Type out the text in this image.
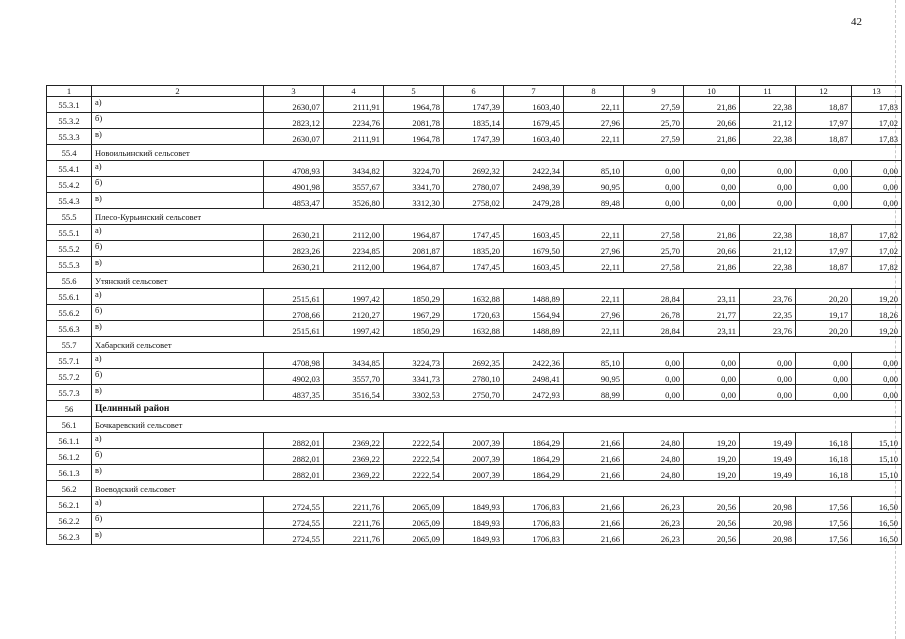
42
1	2	3	4	5	6	7	8	9	10	11	12	13
55.3.1	а)	2630,07	2111,91	1964,78	1747,39	1603,40	22,11	27,59	21,86	22,38	18,87	17,83
55.3.2	б)	2823,12	2234,76	2081,78	1835,14	1679,45	27,96	25,70	20,66	21,12	17,97	17,02
55.3.3	в)	2630,07	2111,91	1964,78	1747,39	1603,40	22,11	27,59	21,86	22,38	18,87	17,83
55.4	Новоильинский сельсовет											
55.4.1	а)	4708,93	3434,82	3224,70	2692,32	2422,34	85,10	0,00	0,00	0,00	0,00	0,00
55.4.2	б)	4901,98	3557,67	3341,70	2780,07	2498,39	90,95	0,00	0,00	0,00	0,00	0,00
55.4.3	в)	4853,47	3526,80	3312,30	2758,02	2479,28	89,48	0,00	0,00	0,00	0,00	0,00
55.5	Плесо-Курьинский сельсовет											
55.5.1	а)	2630,21	2112,00	1964,87	1747,45	1603,45	22,11	27,58	21,86	22,38	18,87	17,82
55.5.2	б)	2823,26	2234,85	2081,87	1835,20	1679,50	27,96	25,70	20,66	21,12	17,97	17,02
55.5.3	в)	2630,21	2112,00	1964,87	1747,45	1603,45	22,11	27,58	21,86	22,38	18,87	17,82
55.6	Утянский сельсовет											
55.6.1	а)	2515,61	1997,42	1850,29	1632,88	1488,89	22,11	28,84	23,11	23,76	20,20	19,20
55.6.2	б)	2708,66	2120,27	1967,29	1720,63	1564,94	27,96	26,78	21,77	22,35	19,17	18,26
55.6.3	в)	2515,61	1997,42	1850,29	1632,88	1488,89	22,11	28,84	23,11	23,76	20,20	19,20
55.7	Хабарский сельсовет											
55.7.1	а)	4708,98	3434,85	3224,73	2692,35	2422,36	85,10	0,00	0,00	0,00	0,00	0,00
55.7.2	б)	4902,03	3557,70	3341,73	2780,10	2498,41	90,95	0,00	0,00	0,00	0,00	0,00
55.7.3	в)	4837,35	3516,54	3302,53	2750,70	2472,93	88,99	0,00	0,00	0,00	0,00	0,00
56	Целинный район											
56.1	Бочкаревский сельсовет											
56.1.1	а)	2882,01	2369,22	2222,54	2007,39	1864,29	21,66	24,80	19,20	19,49	16,18	15,10
56.1.2	б)	2882,01	2369,22	2222,54	2007,39	1864,29	21,66	24,80	19,20	19,49	16,18	15,10
56.1.3	в)	2882,01	2369,22	2222,54	2007,39	1864,29	21,66	24,80	19,20	19,49	16,18	15,10
56.2	Воеводский сельсовет											
56.2.1	а)	2724,55	2211,76	2065,09	1849,93	1706,83	21,66	26,23	20,56	20,98	17,56	16,50
56.2.2	б)	2724,55	2211,76	2065,09	1849,93	1706,83	21,66	26,23	20,56	20,98	17,56	16,50
56.2.3	в)	2724,55	2211,76	2065,09	1849,93	1706,83	21,66	26,23	20,56	20,98	17,56	16,50
